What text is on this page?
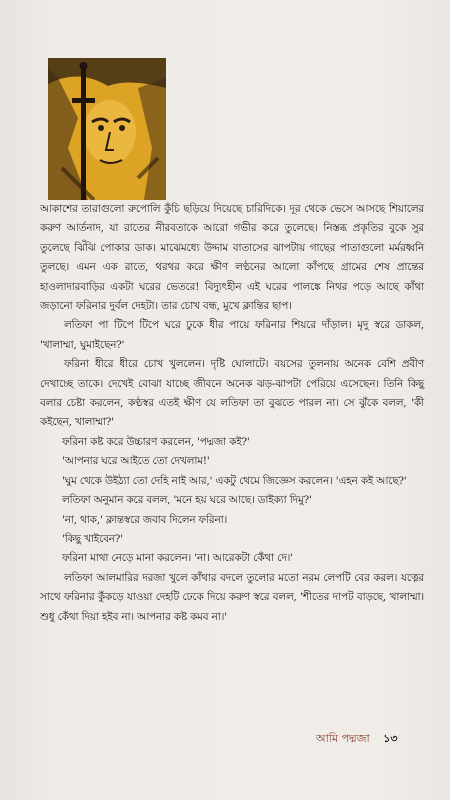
আকাশের তারাগুলো রুপোলি কুঁচি ছড়িয়ে দিয়েছে চারিদিকে। দূর থেকে ভেসে আসছে শিয়ালের করুণ আর্তনাদ, যা রাতের নীরবতাকে আরো গভীর করে তুলেছে। নিস্তব্ধ প্রকৃতির বুকে সুর তুলেছে ঝিঁঝি পোকার ডাক। মাঝেমধ্যে উদ্দাম বাতাসের ঝাপটায় গাছের পাতাগুলো মর্মরধ্বনি তুলছে। এমন এক রাতে, থরথর করে ক্ষীণ লণ্ঠনের আলো কাঁপছে গ্রামের শেষ প্রান্তের হাওলাদারবাড়ির একটা ঘরের ভেতরে! বিদ্যুৎহীন এই ঘরের পালঙ্কে নিথর পড়ে আছে কাঁথা জড়ানো ফরিনার দুর্বল দেহটা। তার চোখ বন্ধ, মুখে ক্লান্তির ছাপ।

লতিফা পা টিপে টিপে ঘরে ঢুকে ধীর পায়ে ফরিনার শিয়রে দাঁড়াল। মৃদু স্বরে ডাকল, 'খালাম্মা, ঘুমাইছেন?'

ফরিনা ধীরে ধীরে চোখ খুললেন। দৃষ্টি ঘোলাটে। বয়সের তুলনায় অনেক বেশি প্রবীণ দেখাচ্ছে তাকে। দেখেই বোঝা যাচ্ছে জীবনে অনেক ঝড়-ঝাপটা পেরিয়ে এসেছেন। তিনি কিছু বলার চেষ্টা করলেন, কণ্ঠস্বর এতই ক্ষীণ যে লতিফা তা বুঝতে পারল না। সে ঝুঁকে বলল, 'কী কইছেন, খালাম্মা?'

ফরিনা কষ্ট করে উচ্চারণ করলেন, 'পদ্মজা কই?'

'আপনার ঘরে আইতে তো দেখলাম!'

'ঘুম থেকে উইঠ্যা তো দেহি নাই আর,' একটু থেমে জিজ্ঞেস করলেন। 'এহন কই আছে?'

লতিফা অনুমান করে বলল, 'মনে হয় ঘরে আছে। ডাইক্যা দিমু?'

'না, থাক,' ক্লান্তস্বরে জবাব দিলেন ফরিনা।

'কিছু খাইবেন?'

ফরিনা মাথা নেড়ে মানা করলেন। 'না। আরেকটা কেঁথা দে।'

লতিফা আলমারির দরজা খুলে কাঁথার বদলে তুলোর মতো নরম লেপটি বের করল। যত্নের সাথে ফরিনার কুঁকড়ে যাওয়া দেহটি ঢেকে দিয়ে করুণ স্বরে বলল, 'শীতের দাপট বাড়ছে, খালাম্মা। শুধু কেঁথা দিয়া হইব না। আপনার কষ্ট কমব না।'

আমি পদ্মজা ১৩
